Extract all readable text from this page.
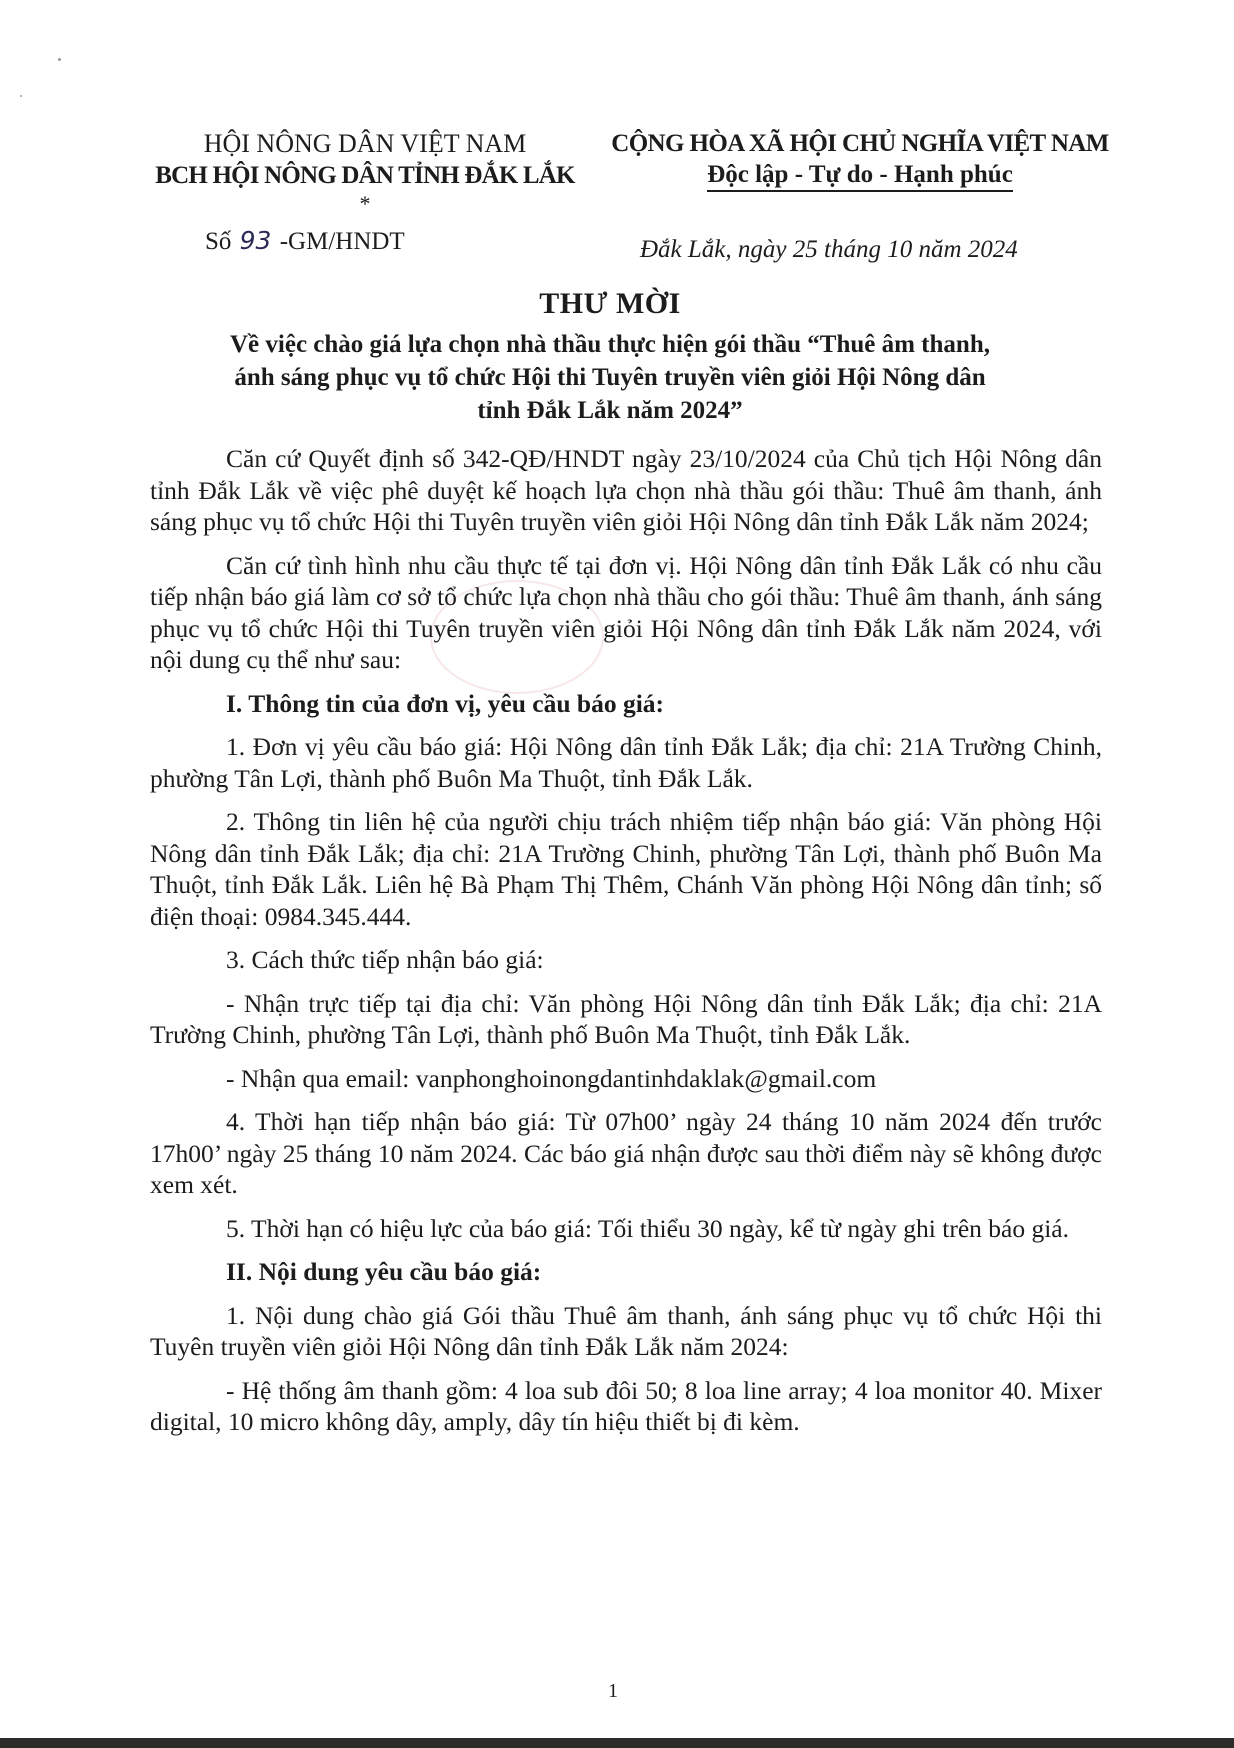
HỘI NÔNG DÂN VIỆT NAM
BCH HỘI NÔNG DÂN TỈNH ĐẮK LẮK
*
CỘNG HÒA XÃ HỘI CHỦ NGHĨA VIỆT NAM
Độc lập - Tự do - Hạnh phúc
Số 93 -GM/HNDT	Đắk Lắk, ngày 25 tháng 10 năm 2024
THƯ MỜI
Về việc chào giá lựa chọn nhà thầu thực hiện gói thầu “Thuê âm thanh,
ánh sáng phục vụ tổ chức Hội thi Tuyên truyền viên giỏi Hội Nông dân
tỉnh Đắk Lắk năm 2024”

Căn cứ Quyết định số 342-QĐ/HNDT ngày 23/10/2024 của Chủ tịch Hội Nông dân tỉnh Đắk Lắk về việc phê duyệt kế hoạch lựa chọn nhà thầu gói thầu: Thuê âm thanh, ánh sáng phục vụ tổ chức Hội thi Tuyên truyền viên giỏi Hội Nông dân tỉnh Đắk Lắk năm 2024;

Căn cứ tình hình nhu cầu thực tế tại đơn vị. Hội Nông dân tỉnh Đắk Lắk có nhu cầu tiếp nhận báo giá làm cơ sở tổ chức lựa chọn nhà thầu cho gói thầu: Thuê âm thanh, ánh sáng phục vụ tổ chức Hội thi Tuyên truyền viên giỏi Hội Nông dân tỉnh Đắk Lắk năm 2024, với nội dung cụ thể như sau:

I. Thông tin của đơn vị, yêu cầu báo giá:

1. Đơn vị yêu cầu báo giá: Hội Nông dân tỉnh Đắk Lắk; địa chỉ: 21A Trường Chinh, phường Tân Lợi, thành phố Buôn Ma Thuột, tỉnh Đắk Lắk.

2. Thông tin liên hệ của người chịu trách nhiệm tiếp nhận báo giá: Văn phòng Hội Nông dân tỉnh Đắk Lắk; địa chỉ: 21A Trường Chinh, phường Tân Lợi, thành phố Buôn Ma Thuột, tỉnh Đắk Lắk. Liên hệ Bà Phạm Thị Thêm, Chánh Văn phòng Hội Nông dân tỉnh; số điện thoại: 0984.345.444.

3. Cách thức tiếp nhận báo giá:

- Nhận trực tiếp tại địa chỉ: Văn phòng Hội Nông dân tỉnh Đắk Lắk; địa chỉ: 21A Trường Chinh, phường Tân Lợi, thành phố Buôn Ma Thuột, tỉnh Đắk Lắk.

- Nhận qua email: vanphonghoinongdantinhdaklak@gmail.com

4. Thời hạn tiếp nhận báo giá: Từ 07h00’ ngày 24 tháng 10 năm 2024 đến trước 17h00’ ngày 25 tháng 10 năm 2024. Các báo giá nhận được sau thời điểm này sẽ không được xem xét.

5. Thời hạn có hiệu lực của báo giá: Tối thiểu 30 ngày, kể từ ngày ghi trên báo giá.

II. Nội dung yêu cầu báo giá:

1. Nội dung chào giá Gói thầu Thuê âm thanh, ánh sáng phục vụ tổ chức Hội thi Tuyên truyền viên giỏi Hội Nông dân tỉnh Đắk Lắk năm 2024:

- Hệ thống âm thanh gồm: 4 loa sub đôi 50; 8 loa line array; 4 loa monitor 40. Mixer digital, 10 micro không dây, amply, dây tín hiệu thiết bị đi kèm.

1
